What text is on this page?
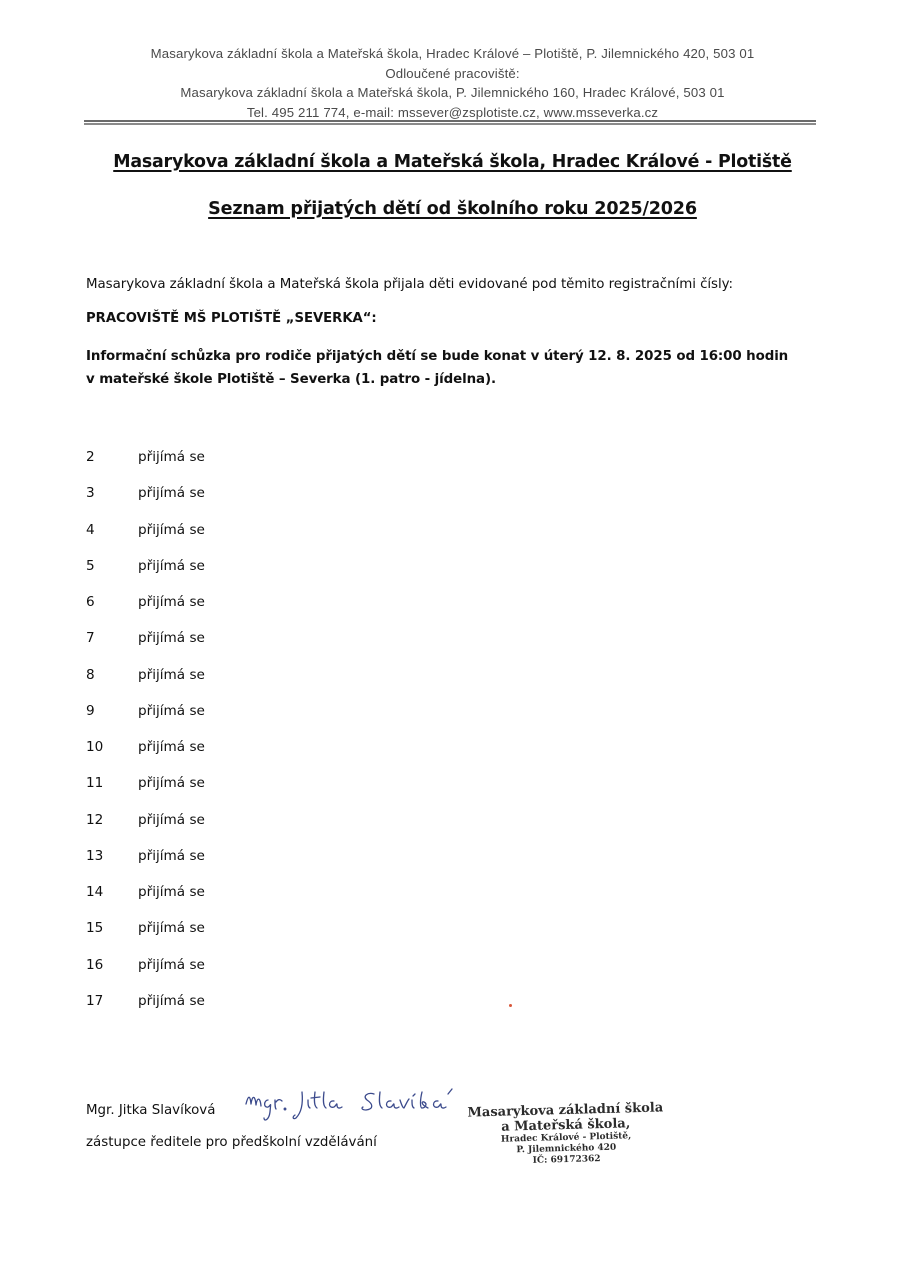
Masarykova základní škola a Mateřská škola, Hradec Králové – Plotiště, P. Jilemnického 420, 503 01
Odloučené pracoviště:
Masarykova základní škola a Mateřská škola, P. Jilemnického 160, Hradec Králové, 503 01
Tel. 495 211 774, e-mail: mssever@zsplotiste.cz, www.msseverka.cz
Masarykova základní škola a Mateřská škola, Hradec Králové - Plotiště
Seznam přijatých dětí od školního roku 2025/2026
Masarykova základní škola a Mateřská škola přijala děti evidované pod těmito registračními čísly:
PRACOVIŠTĚ MŠ PLOTIŠTĚ „SEVERKA“:
Informační schůzka pro rodiče přijatých dětí se bude konat v úterý 12. 8. 2025 od 16:00 hodin
v mateřské škole Plotiště – Severka (1. patro - jídelna).
2	přijímá se
3	přijímá se
4	přijímá se
5	přijímá se
6	přijímá se
7	přijímá se
8	přijímá se
9	přijímá se
10	přijímá se
11	přijímá se
12	přijímá se
13	přijímá se
14	přijímá se
15	přijímá se
16	přijímá se
17	přijímá se
Mgr. Jitka Slavíková
zástupce ředitele pro předškolní vzdělávání
Masarykova základní škola
a Mateřská škola,
Hradec Králové - Plotiště,
P. Jilemnického 420
IČ: 69172362
